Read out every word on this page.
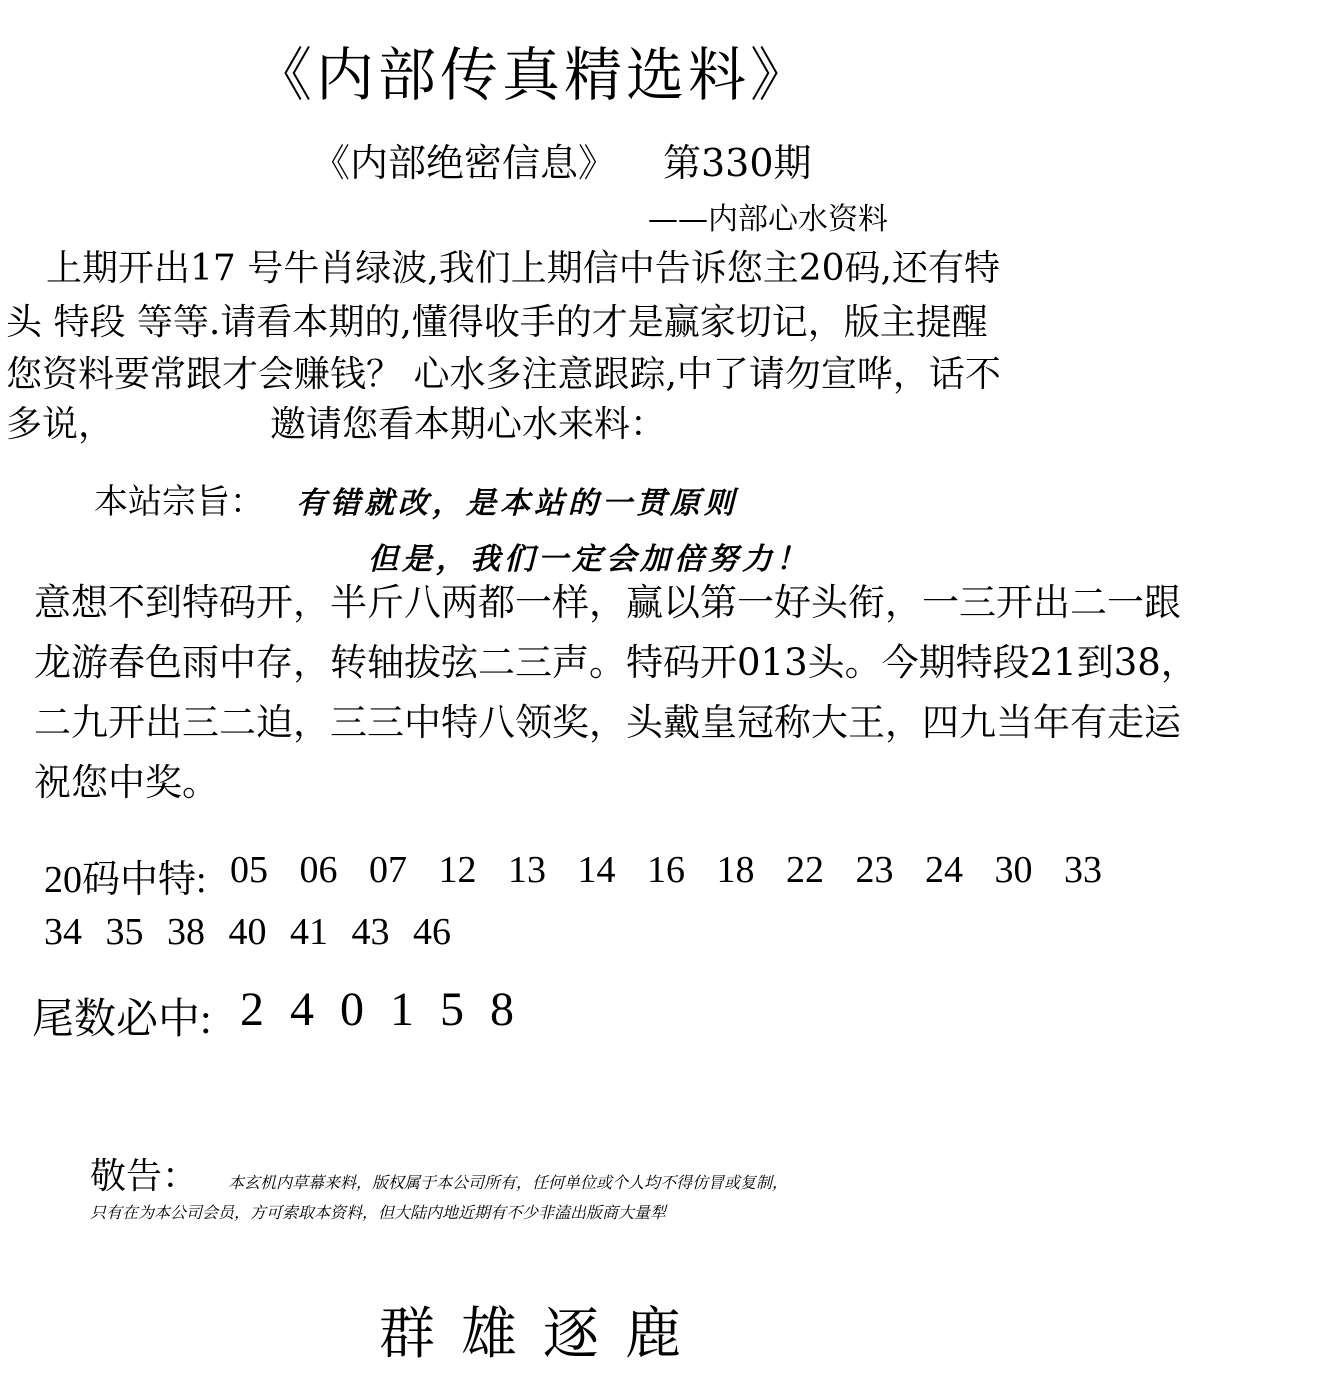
《内部传真精选料》
《内部绝密信息》 第330期
——内部心水资料
上期开出17 号牛肖绿波,我们上期信中告诉您主20码,还有特
头 特段 等等.请看本期的,懂得收手的才是赢家切记，版主提醒
您资料要常跟才会赚钱？ 心水多注意跟踪,中了请勿宣哗，话不
多说，	邀请您看本期心水来料：
本站宗旨： 有错就改，是本站的一贯原则
但是，我们一定会加倍努力！
意想不到特码开，半斤八两都一样，赢以第一好头衔，一三开出二一跟
龙游春色雨中存，转轴拔弦二三声。特码开013头。今期特段21到38，
二九开出三二迫，三三中特八领奖，头戴皇冠称大王，四九当年有走运
祝您中奖。
20码中特: 05 06 07 12 13 14 16 18 22 23 24 30 33
34 35 38 40 41 43 46
尾数必中: 240158
敬告： 本玄机内草幕来料，版权属于本公司所有，任何单位或个人均不得仿冒或复制，
只有在为本公司会员，方可索取本资料，但大陆内地近期有不少非溘出版商大量犁
群雄逐鹿
